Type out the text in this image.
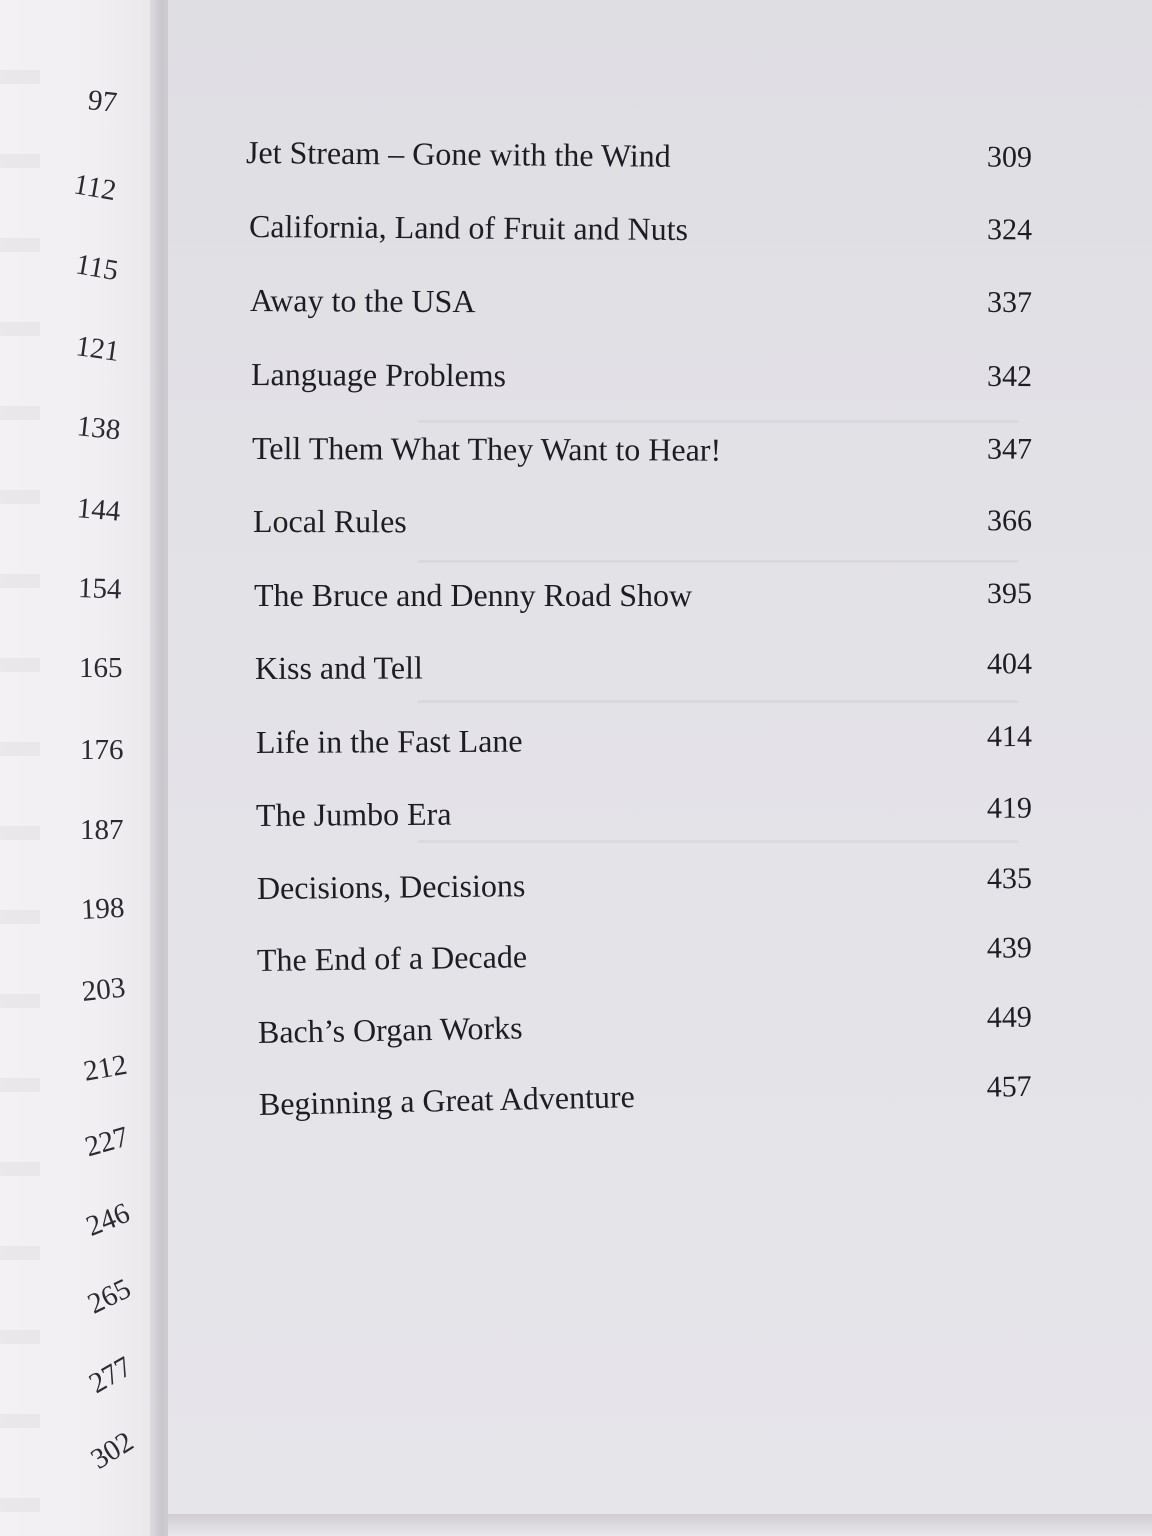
97
112
115
121
138
144
154
165
176
187
198
203
212
227
246
265
277
302
Jet Stream – Gone with the Wind	309
California, Land of Fruit and Nuts	324
Away to the USA	337
Language Problems	342
Tell Them What They Want to Hear!	347
Local Rules	366
The Bruce and Denny Road Show	395
Kiss and Tell	404
Life in the Fast Lane	414
The Jumbo Era	419
Decisions, Decisions	435
The End of a Decade	439
Bach’s Organ Works	449
Beginning a Great Adventure	457
